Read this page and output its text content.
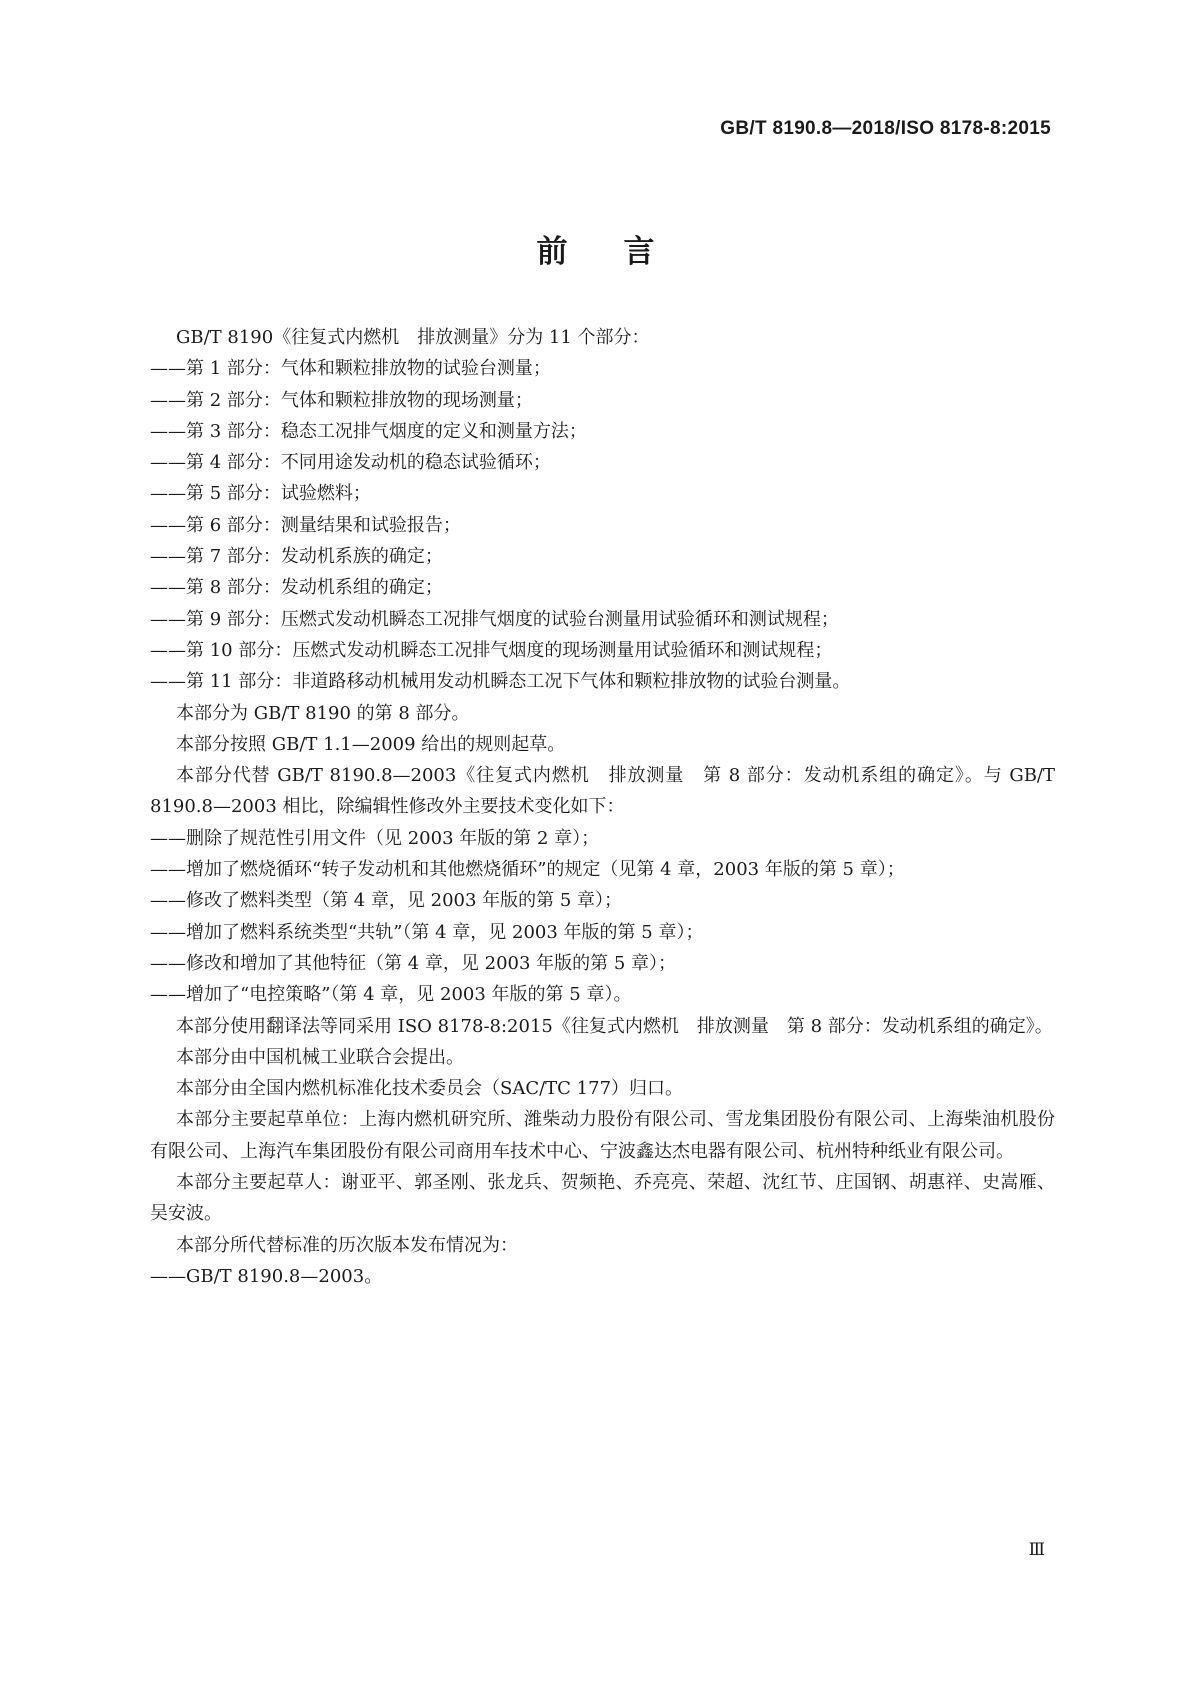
GB/T 8190.8—2018/ISO 8178-8:2015
前言

GB/T 8190《往复式内燃机　排放测量》分为 11 个部分：

——第 1 部分：气体和颗粒排放物的试验台测量；

——第 2 部分：气体和颗粒排放物的现场测量；

——第 3 部分：稳态工况排气烟度的定义和测量方法；

——第 4 部分：不同用途发动机的稳态试验循环；

——第 5 部分：试验燃料；

——第 6 部分：测量结果和试验报告；

——第 7 部分：发动机系族的确定；

——第 8 部分：发动机系组的确定；

——第 9 部分：压燃式发动机瞬态工况排气烟度的试验台测量用试验循环和测试规程；

——第 10 部分：压燃式发动机瞬态工况排气烟度的现场测量用试验循环和测试规程；

——第 11 部分：非道路移动机械用发动机瞬态工况下气体和颗粒排放物的试验台测量。

本部分为 GB/T 8190 的第 8 部分。

本部分按照 GB/T 1.1—2009 给出的规则起草。

本部分代替 GB/T 8190.8—2003《往复式内燃机　排放测量　第 8 部分：发动机系组的确定》。与 GB/T 8190.8—2003 相比，除编辑性修改外主要技术变化如下：

——删除了规范性引用文件（见 2003 年版的第 2 章）；

——增加了燃烧循环“转子发动机和其他燃烧循环”的规定（见第 4 章，2003 年版的第 5 章）；

——修改了燃料类型（第 4 章，见 2003 年版的第 5 章）；

——增加了燃料系统类型“共轨”（第 4 章，见 2003 年版的第 5 章）；

——修改和增加了其他特征（第 4 章，见 2003 年版的第 5 章）；

——增加了“电控策略”（第 4 章，见 2003 年版的第 5 章）。

本部分使用翻译法等同采用 ISO 8178-8:2015《往复式内燃机　排放测量　第 8 部分：发动机系组的确定》。

本部分由中国机械工业联合会提出。

本部分由全国内燃机标准化技术委员会（SAC/TC 177）归口。

本部分主要起草单位：上海内燃机研究所、潍柴动力股份有限公司、雪龙集团股份有限公司、上海柴油机股份有限公司、上海汽车集团股份有限公司商用车技术中心、宁波鑫达杰电器有限公司、杭州特种纸业有限公司。

本部分主要起草人：谢亚平、郭圣刚、张龙兵、贺频艳、乔亮亮、荣超、沈红节、庄国钢、胡惠祥、史嵩雁、吴安波。

本部分所代替标准的历次版本发布情况为：

——GB/T 8190.8—2003。

Ⅲ
